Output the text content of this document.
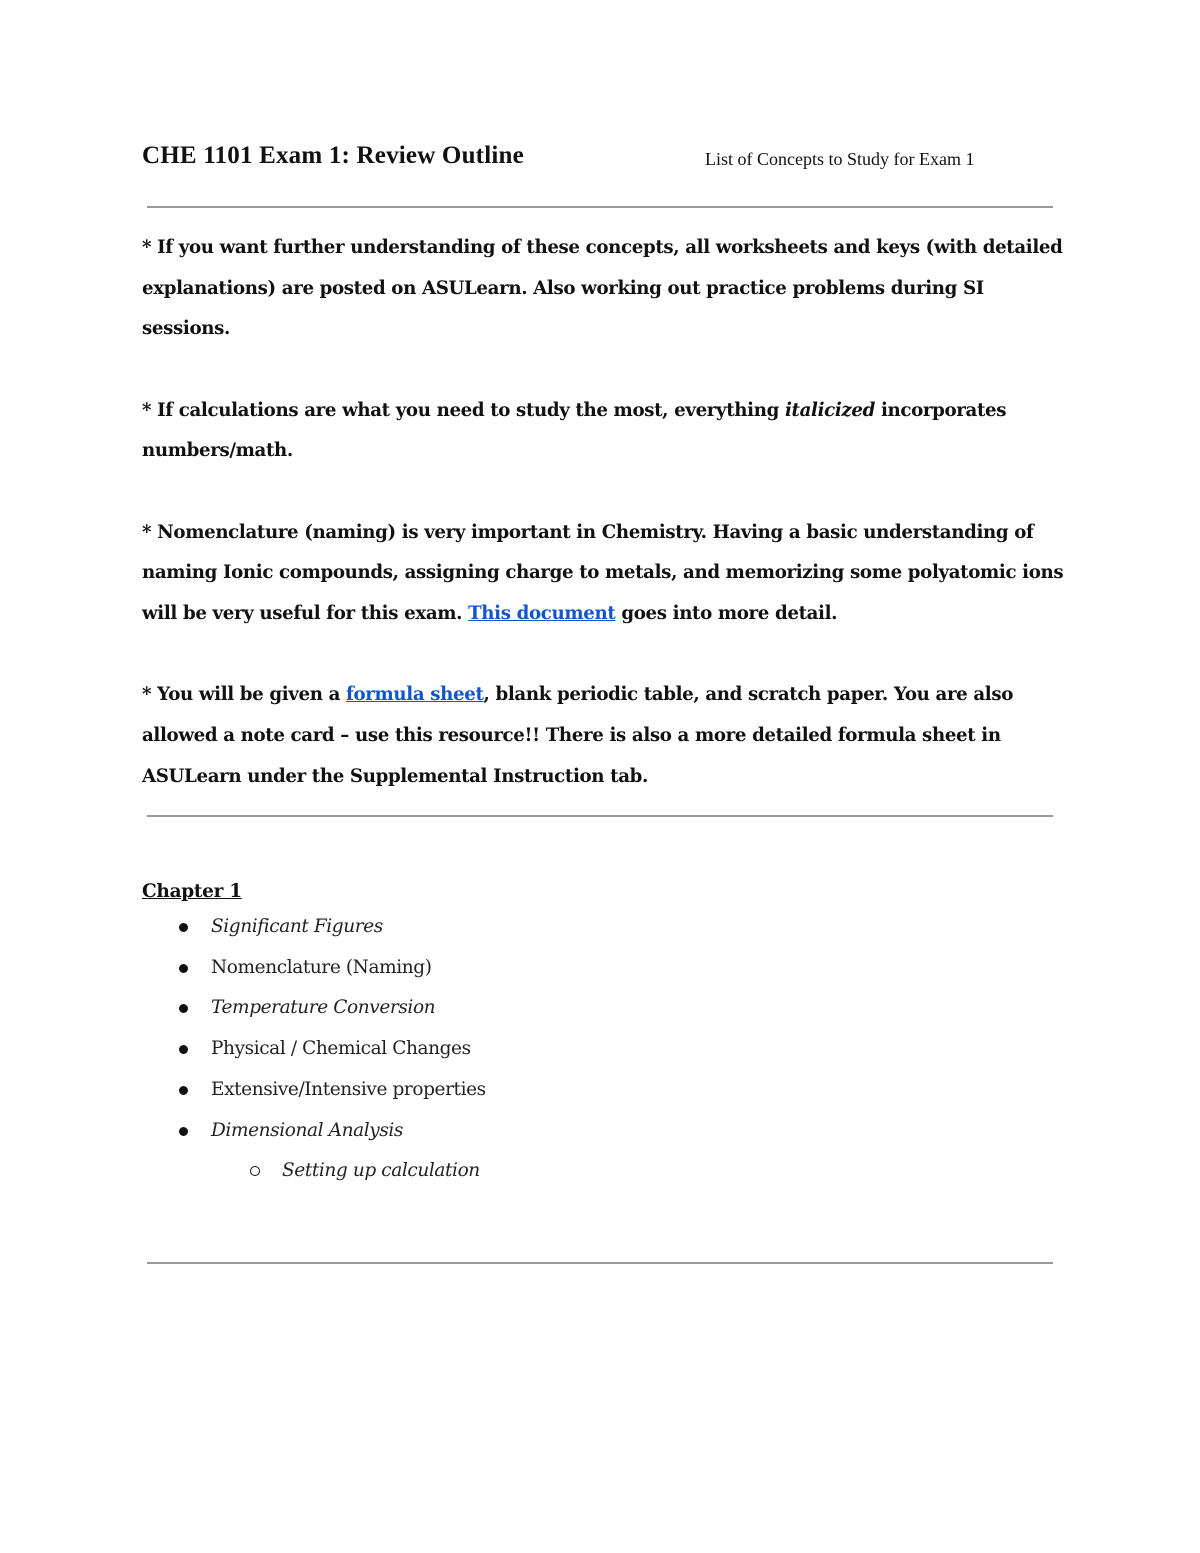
CHE 1101 Exam 1: Review Outline	List of Concepts to Study for Exam 1

* If you want further understanding of these concepts, all worksheets and keys (with detailed explanations) are posted on ASULearn. Also working out practice problems during SI sessions.

* If calculations are what you need to study the most, everything italicized incorporates numbers/math.

* Nomenclature (naming) is very important in Chemistry. Having a basic understanding of naming Ionic compounds, assigning charge to metals, and memorizing some polyatomic ions will be very useful for this exam. This document goes into more detail.

* You will be given a formula sheet, blank periodic table, and scratch paper. You are also allowed a note card – use this resource!! There is also a more detailed formula sheet in ASULearn under the Supplemental Instruction tab.

Chapter 1

Significant Figures
Nomenclature (Naming)
Temperature Conversion
Physical / Chemical Changes
Extensive/Intensive properties
Dimensional Analysis
Setting up calculation
